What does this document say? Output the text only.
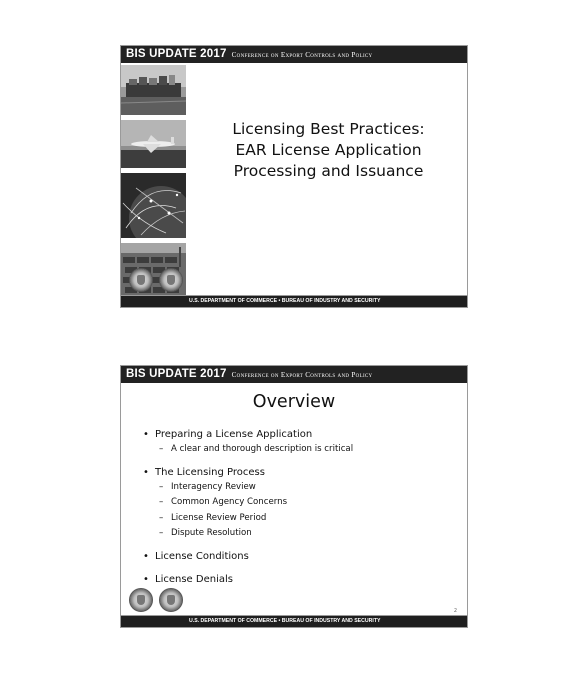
BIS UPDATE 2017 Conference on Export Controls and Policy
Licensing Best Practices:
EAR License Application
Processing and Issuance
U.S. DEPARTMENT OF COMMERCE • BUREAU OF INDUSTRY AND SECURITY
BIS UPDATE 2017 Conference on Export Controls and Policy
Overview
• Preparing a License Application
– A clear and thorough description is critical
• The Licensing Process
– Interagency Review
– Common Agency Concerns
– License Review Period
– Dispute Resolution
• License Conditions
• License Denials
2
U.S. DEPARTMENT OF COMMERCE • BUREAU OF INDUSTRY AND SECURITY
